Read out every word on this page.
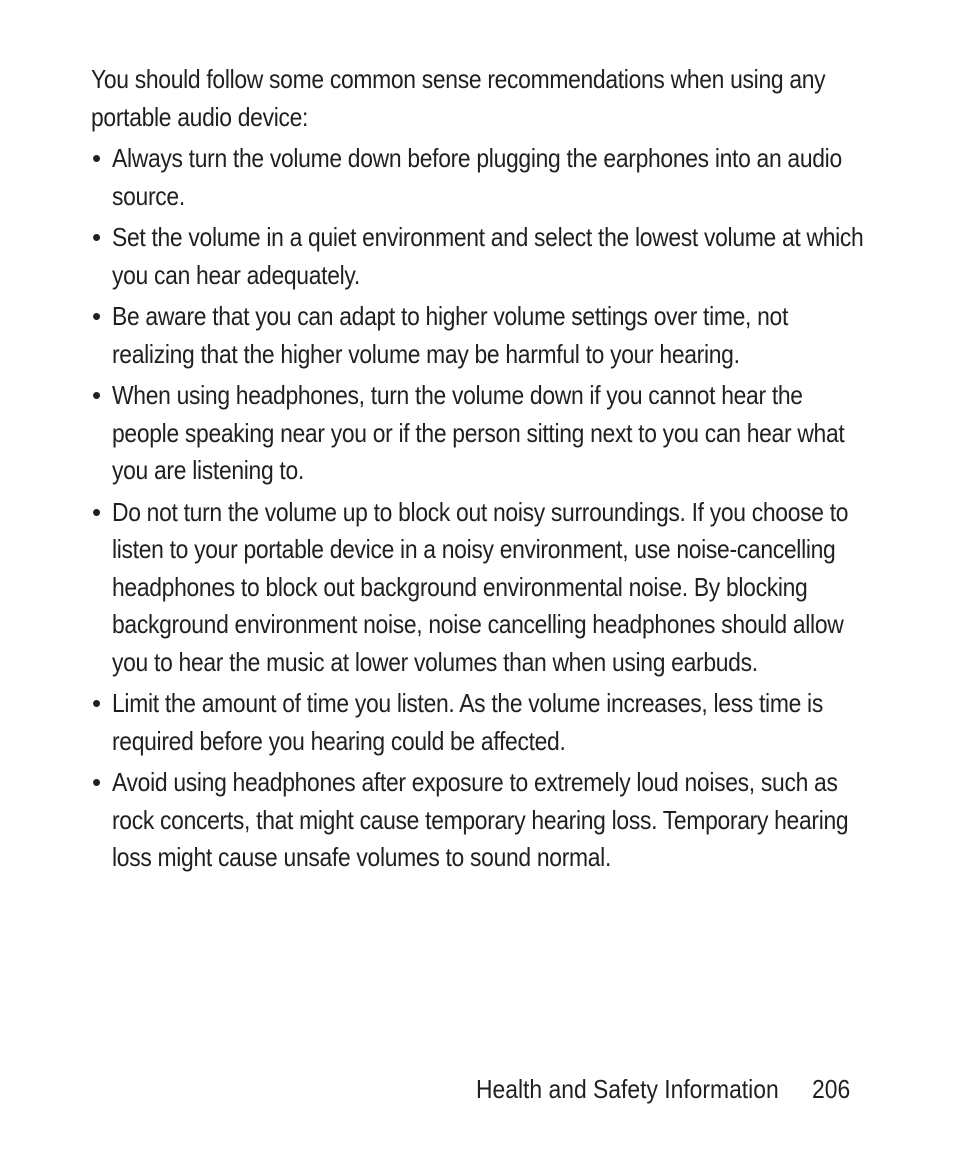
You should follow some common sense recommendations when using any portable audio device:

• Always turn the volume down before plugging the earphones into an audio source.
• Set the volume in a quiet environment and select the lowest volume at which you can hear adequately.
• Be aware that you can adapt to higher volume settings over time, not realizing that the higher volume may be harmful to your hearing.
• When using headphones, turn the volume down if you cannot hear the people speaking near you or if the person sitting next to you can hear what you are listening to.
• Do not turn the volume up to block out noisy surroundings. If you choose to listen to your portable device in a noisy environment, use noise-cancelling headphones to block out background environmental noise. By blocking background environment noise, noise cancelling headphones should allow you to hear the music at lower volumes than when using earbuds.
• Limit the amount of time you listen. As the volume increases, less time is required before you hearing could be affected.
• Avoid using headphones after exposure to extremely loud noises, such as rock concerts, that might cause temporary hearing loss. Temporary hearing loss might cause unsafe volumes to sound normal.
Health and Safety Information	206
